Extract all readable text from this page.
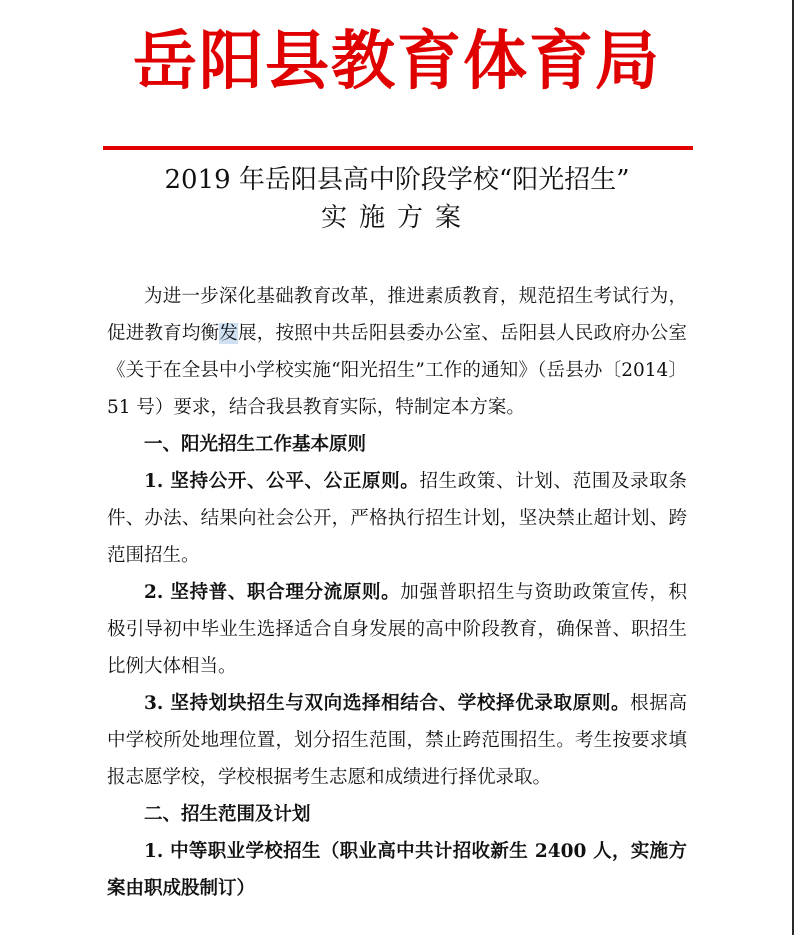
岳阳县教育体育局
2019 年岳阳县高中阶段学校“阳光招生”
实施方案

为进一步深化基础教育改革，推进素质教育，规范招生考试行为，促进教育均衡发展，按照中共岳阳县委办公室、岳阳县人民政府办公室《关于在全县中小学校实施“阳光招生”工作的通知》（岳县办〔2014〕51 号）要求，结合我县教育实际，特制定本方案。

一、阳光招生工作基本原则

1. 坚持公开、公平、公正原则。招生政策、计划、范围及录取条件、办法、结果向社会公开，严格执行招生计划，坚决禁止超计划、跨范围招生。

2. 坚持普、职合理分流原则。加强普职招生与资助政策宣传，积极引导初中毕业生选择适合自身发展的高中阶段教育，确保普、职招生比例大体相当。

3. 坚持划块招生与双向选择相结合、学校择优录取原则。根据高中学校所处地理位置，划分招生范围，禁止跨范围招生。考生按要求填报志愿学校，学校根据考生志愿和成绩进行择优录取。

二、招生范围及计划

1. 中等职业学校招生（职业高中共计招收新生 2400 人，实施方案由职成股制订）
